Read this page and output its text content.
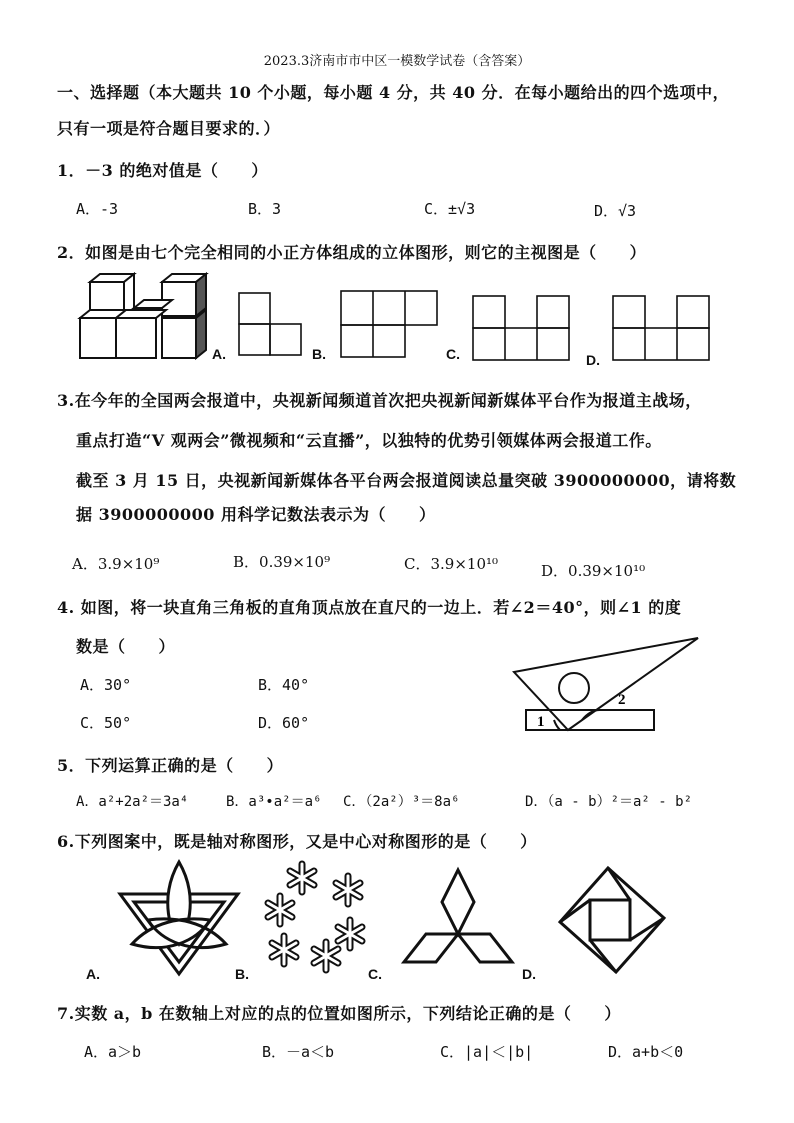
2023.3济南市市中区一模数学试卷（含答案）
一、选择题（本大题共 10 个小题，每小题 4 分，共 40 分．在每小题给出的四个选项中，
只有一项是符合题目要求的．）
1．－3 的绝对值是（　　）
A．-3	B．3	C．±√3	D．√3
2．如图是由七个完全相同的小正方体组成的立体图形，则它的主视图是（　　）
A.	B.	C.	D.
3.在今年的全国两会报道中，央视新闻频道首次把央视新闻新媒体平台作为报道主战场，
重点打造“V 观两会”微视频和“云直播”，以独特的优势引领媒体两会报道工作。
截至 3 月 15 日，央视新闻新媒体各平台两会报道阅读总量突破 3900000000，请将数
据 3900000000 用科学记数法表示为（　　）
A．3.9×10⁹	B．0.39×10⁹	C．3.9×10¹⁰	D．0.39×10¹⁰
4. 如图，将一块直角三角板的直角顶点放在直尺的一边上．若∠2＝40°，则∠1 的度
数是（　　）
A．30°	B．40°
C．50°	D．60°	1
2
5．下列运算正确的是（　　）
A．a²+2a²＝3a⁴	B．a³•a²＝a⁶ C．（2a²）³＝8a⁶	D．（a - b）²＝a² - b²
6.下列图案中，既是轴对称图形，又是中心对称图形的是（　　）
A.	B.	C.	D.
7.实数 a，b 在数轴上对应的点的位置如图所示，下列结论正确的是（　　）
A．a＞b	B．－a＜b	C．|a|＜|b|	D．a+b＜0
